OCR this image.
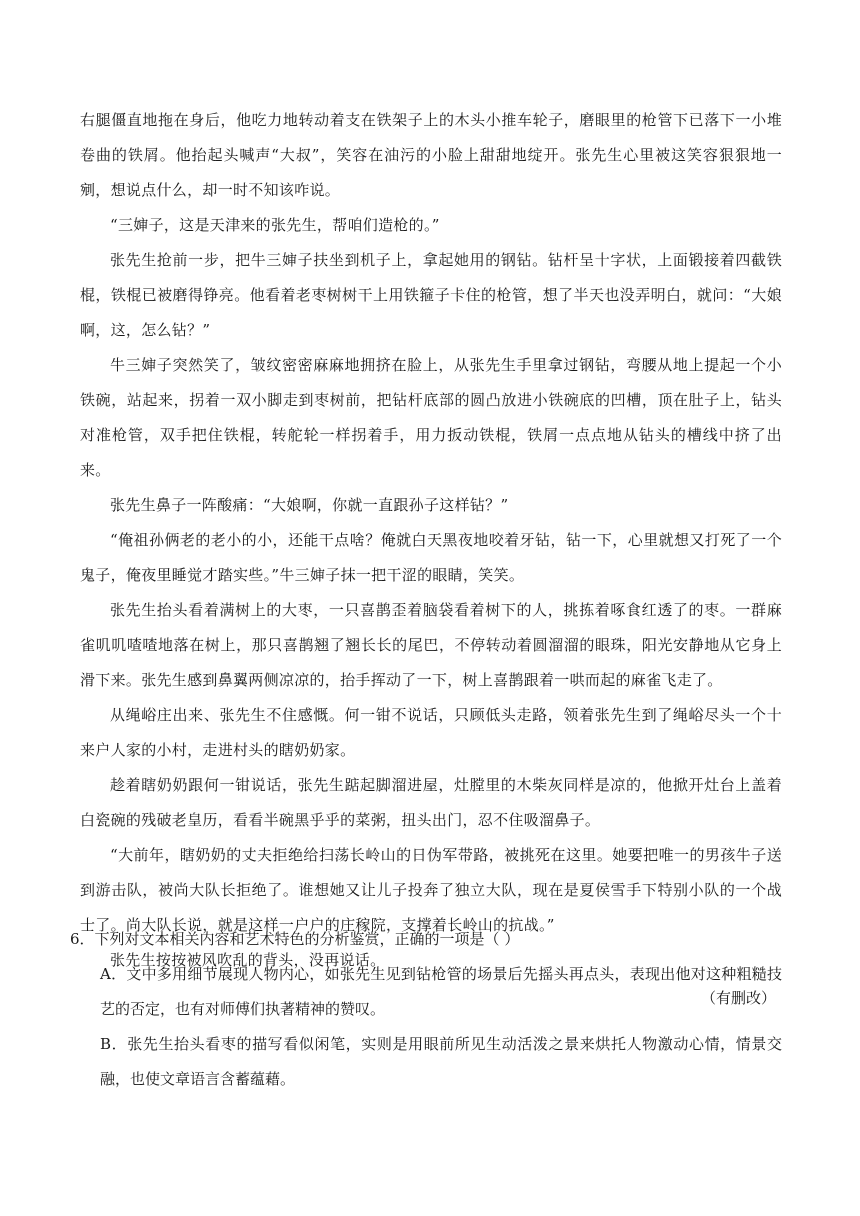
右腿僵直地拖在身后，他吃力地转动着支在铁架子上的木头小推车轮子，磨眼里的枪管下已落下一小堆卷曲的铁屑。他抬起头喊声“大叔”，笑容在油污的小脸上甜甜地绽开。张先生心里被这笑容狠狠地一剜，想说点什么，却一时不知该咋说。

“三婶子，这是天津来的张先生，帮咱们造枪的。”

张先生抢前一步，把牛三婶子扶坐到机子上，拿起她用的钢钻。钻杆呈十字状，上面锻接着四截铁棍，铁棍已被磨得铮亮。他看着老枣树树干上用铁箍子卡住的枪管，想了半天也没弄明白，就问：“大娘啊，这，怎么钻？”

牛三婶子突然笑了，皱纹密密麻麻地拥挤在脸上，从张先生手里拿过钢钻，弯腰从地上提起一个小铁碗，站起来，拐着一双小脚走到枣树前，把钻杆底部的圆凸放进小铁碗底的凹槽，顶在肚子上，钻头对准枪管，双手把住铁棍，转舵轮一样拐着手，用力扳动铁棍，铁屑一点点地从钻头的槽线中挤了出来。

张先生鼻子一阵酸痛：“大娘啊，你就一直跟孙子这样钻？”

“俺祖孙俩老的老小的小，还能干点啥？俺就白天黑夜地咬着牙钻，钻一下，心里就想又打死了一个鬼子，俺夜里睡觉才踏实些。”牛三婶子抹一把干涩的眼睛，笑笑。

张先生抬头看着满树上的大枣，一只喜鹊歪着脑袋看着树下的人，挑拣着啄食红透了的枣。一群麻雀叽叽喳喳地落在树上，那只喜鹊翘了翘长长的尾巴，不停转动着圆溜溜的眼珠，阳光安静地从它身上滑下来。张先生感到鼻翼两侧凉凉的，抬手挥动了一下，树上喜鹊跟着一哄而起的麻雀飞走了。

从绳峪庄出来、张先生不住感慨。何一钳不说话，只顾低头走路，领着张先生到了绳峪尽头一个十来户人家的小村，走进村头的瞎奶奶家。

趁着瞎奶奶跟何一钳说话，张先生踮起脚溜进屋，灶膛里的木柴灰同样是凉的，他掀开灶台上盖着白瓷碗的残破老皇历，看看半碗黑乎乎的菜粥，扭头出门，忍不住吸溜鼻子。

“大前年，瞎奶奶的丈夫拒绝给扫荡长岭山的日伪军带路，被挑死在这里。她要把唯一的男孩牛子送到游击队，被尚大队长拒绝了。谁想她又让儿子投奔了独立大队，现在是夏侯雪手下特别小队的一个战士了。尚大队长说，就是这样一户户的庄稼院，支撑着长岭山的抗战。”

张先生按按被风吹乱的背头，没再说话。

（有删改）

6．下列对文本相关内容和艺术特色的分析鉴赏，正确的一项是（ ）

A．文中多用细节展现人物内心，如张先生见到钻枪管的场景后先摇头再点头，表现出他对这种粗糙技艺的否定，也有对师傅们执著精神的赞叹。

B．张先生抬头看枣的描写看似闲笔，实则是用眼前所见生动活泼之景来烘托人物激动心情，情景交融，也使文章语言含蓄蕴藉。
